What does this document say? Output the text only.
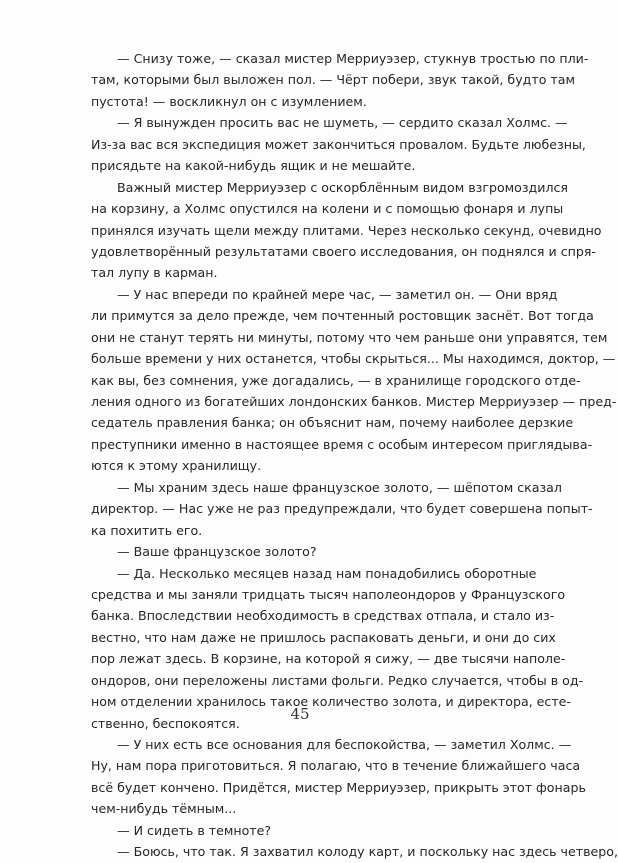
— Снизу тоже, — сказал мистер Мерриуэзер, стукнув тростью по пли-
там, которыми был выложен пол. — Чёрт побери, звук такой, будто там
пустота! — воскликнул он с изумлением.
— Я вынужден просить вас не шуметь, — сердито сказал Холмс. —
Из-за вас вся экспедиция может закончиться провалом. Будьте любезны,
присядьте на какой-нибудь ящик и не мешайте.
Важный мистер Мерриуэзер с оскорблённым видом взгромоздился
на корзину, а Холмс опустился на колени и с помощью фонаря и лупы
принялся изучать щели между плитами. Через несколько секунд, очевидно
удовлетворённый результатами своего исследования, он поднялся и спря-
тал лупу в карман.
— У нас впереди по крайней мере час, — заметил он. — Они вряд
ли примутся за дело прежде, чем почтенный ростовщик заснёт. Вот тогда
они не станут терять ни минуты, потому что чем раньше они управятся, тем
больше времени у них останется, чтобы скрыться... Мы находимся, доктор, —
как вы, без сомнения, уже догадались, — в хранилище городского отде-
ления одного из богатейших лондонских банков. Мистер Мерриуэзер — пред-
седатель правления банка; он объяснит нам, почему наиболее дерзкие
преступники именно в настоящее время с особым интересом приглядыва-
ются к этому хранилищу.
— Мы храним здесь наше французское золото, — шёпотом сказал
директор. — Нас уже не раз предупреждали, что будет совершена попыт-
ка похитить его.
— Ваше французское золото?
— Да. Несколько месяцев назад нам понадобились оборотные
средства и мы заняли тридцать тысяч наполеондоров у Французского
банка. Впоследствии необходимость в средствах отпала, и стало из-
вестно, что нам даже не пришлось распаковать деньги, и они до сих
пор лежат здесь. В корзине, на которой я сижу, — две тысячи наполе-
ондоров, они переложены листами фольги. Редко случается, чтобы в од-
ном отделении хранилось такое количество золота, и директора, есте-
ственно, беспокоятся.
— У них есть все основания для беспокойства, — заметил Холмс. —
Ну, нам пора приготовиться. Я полагаю, что в течение ближайшего часа
всё будет кончено. Придётся, мистер Мерриуэзер, прикрыть этот фонарь
чем-нибудь тёмным...
— И сидеть в темноте?
— Боюсь, что так. Я захватил колоду карт, и поскольку нас здесь четверо,
45
